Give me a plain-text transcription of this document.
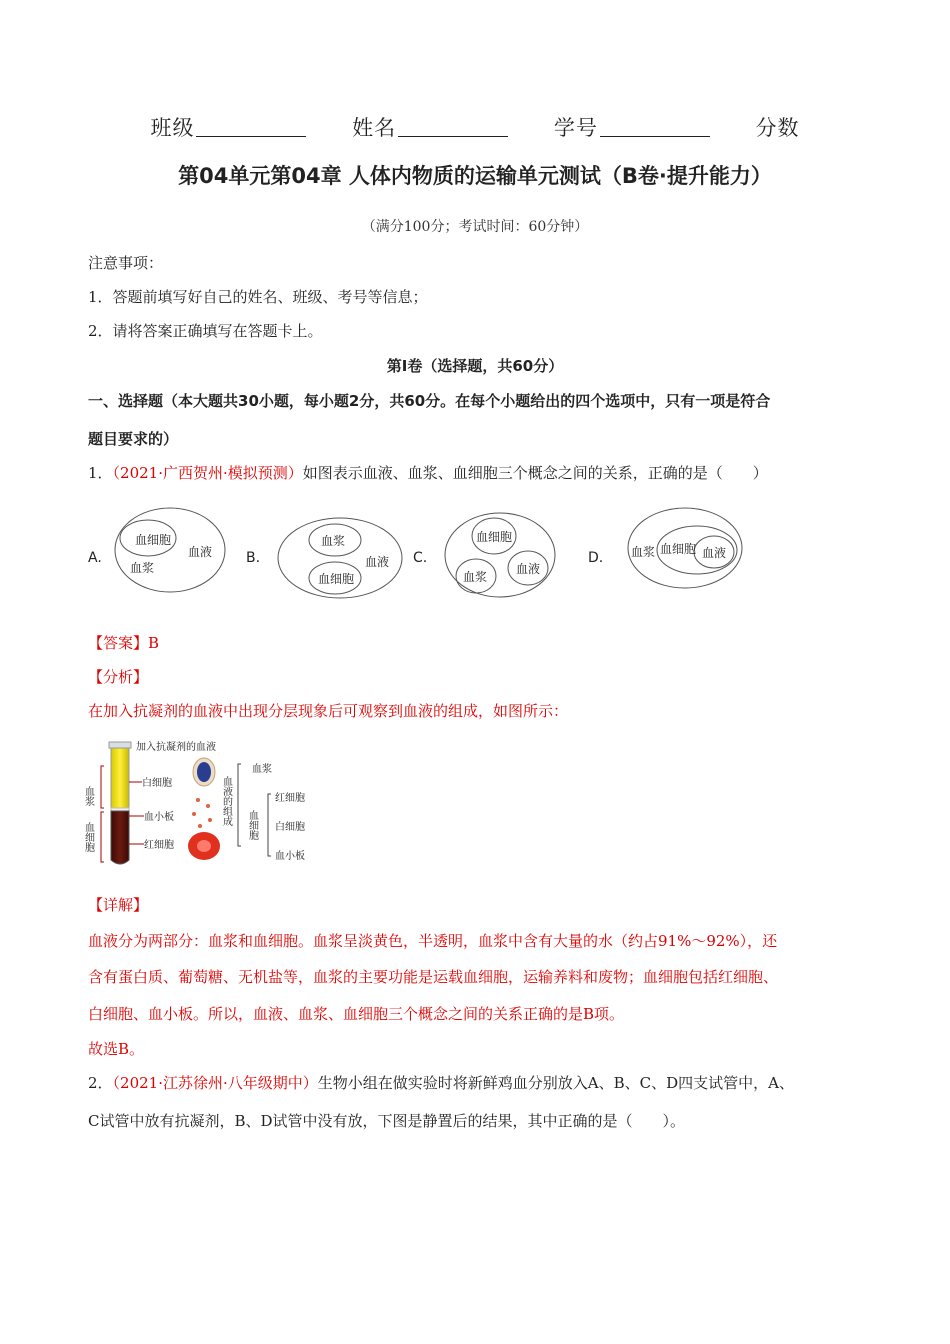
班级	姓名	学号	分数
第04单元第04章 人体内物质的运输单元测试（B卷·提升能力）
（满分100分；考试时间：60分钟）
注意事项：
1．答题前填写好自己的姓名、班级、考号等信息；
2．请将答案正确填写在答题卡上。
第Ⅰ卷（选择题，共60分）
一、选择题（本大题共30小题，每小题2分，共60分。在每个小题给出的四个选项中，只有一项是符合
题目要求的）
1．（2021·广西贺州·模拟预测）如图表示血液、血浆、血细胞三个概念之间的关系，正确的是（　　）
A.
血细胞
血液
血浆
B.
血浆
血液
血细胞
C.
血细胞
血浆
血液
D. 血浆 血细胞 血液
【答案】B
【分析】
在加入抗凝剂的血液中出现分层现象后可观察到血液的组成，如图所示：
加入抗凝剂的血液
血浆
血细胞
白细胞
血小板
红细胞
血液的组成
血浆
血细胞
红细胞
白细胞
血小板
【详解】
血液分为两部分：血浆和血细胞。血浆呈淡黄色，半透明，血浆中含有大量的水（约占91%～92%），还
含有蛋白质、葡萄糖、无机盐等，血浆的主要功能是运载血细胞，运输养料和废物；血细胞包括红细胞、
白细胞、血小板。所以，血液、血浆、血细胞三个概念之间的关系正确的是B项。
故选B。
2．（2021·江苏徐州·八年级期中）生物小组在做实验时将新鲜鸡血分别放入A、B、C、D四支试管中，A、
C试管中放有抗凝剂，B、D试管中没有放，下图是静置后的结果，其中正确的是（　　）。
